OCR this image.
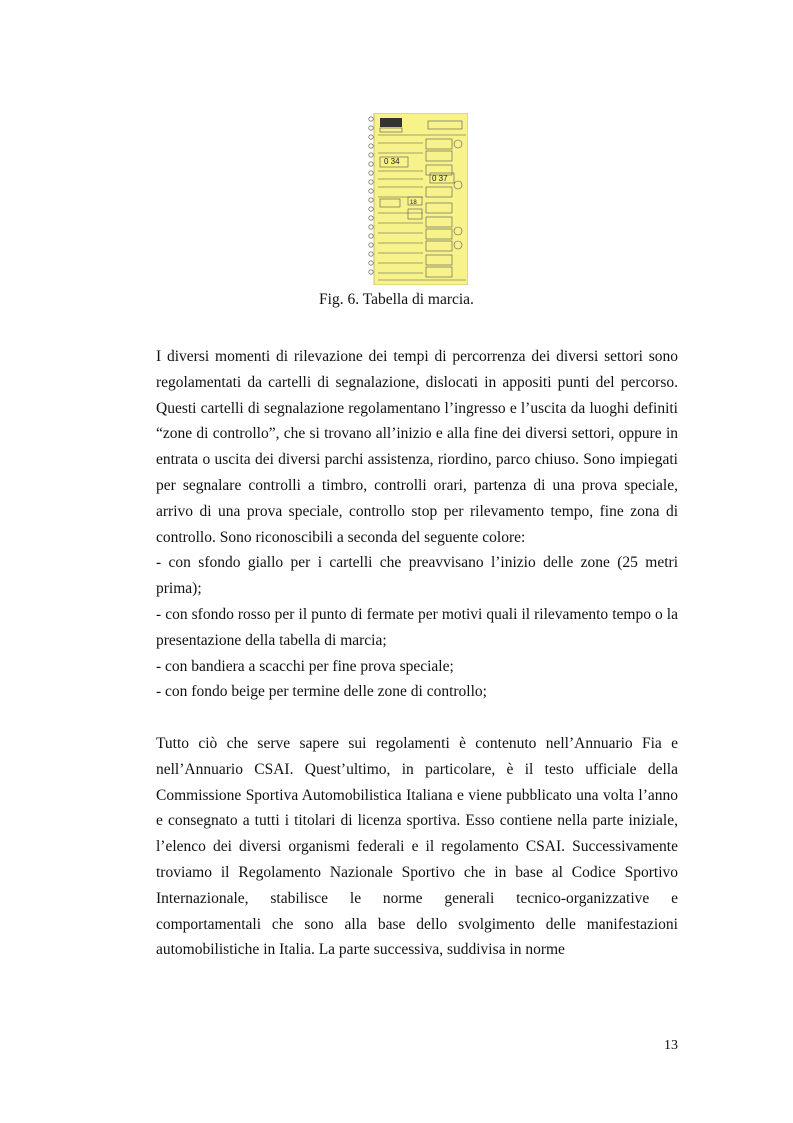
0 34
0 37
18
Fig. 6. Tabella di marcia.

I diversi momenti di rilevazione dei tempi di percorrenza dei diversi settori sono regolamentati da cartelli di segnalazione, dislocati in appositi punti del percorso. Questi cartelli di segnalazione regolamentano l’ingresso e l’uscita da luoghi definiti “zone di controllo”, che si trovano all’inizio e alla fine dei diversi settori, oppure in entrata o uscita dei diversi parchi assistenza, riordino, parco chiuso. Sono impiegati per segnalare controlli a timbro, controlli orari, partenza di una prova speciale, arrivo di una prova speciale, controllo stop per rilevamento tempo, fine zona di controllo. Sono riconoscibili a seconda del seguente colore:

- con sfondo giallo per i cartelli che preavvisano l’inizio delle zone (25 metri prima);

- con sfondo rosso per il punto di fermate per motivi quali il rilevamento tempo o la presentazione della tabella di marcia;

- con bandiera a scacchi per fine prova speciale;

- con fondo beige per termine delle zone di controllo;

Tutto ciò che serve sapere sui regolamenti è contenuto nell’Annuario Fia e nell’Annuario CSAI. Quest’ultimo, in particolare, è il testo ufficiale della Commissione Sportiva Automobilistica Italiana e viene pubblicato una volta l’anno e consegnato a tutti i titolari di licenza sportiva. Esso contiene nella parte iniziale, l’elenco dei diversi organismi federali e il regolamento CSAI. Successivamente troviamo il Regolamento Nazionale Sportivo che in base al Codice Sportivo Internazionale, stabilisce le norme generali tecnico-organizzative e comportamentali che sono alla base dello svolgimento delle manifestazioni automobilistiche in Italia. La parte successiva, suddivisa in norme

13
